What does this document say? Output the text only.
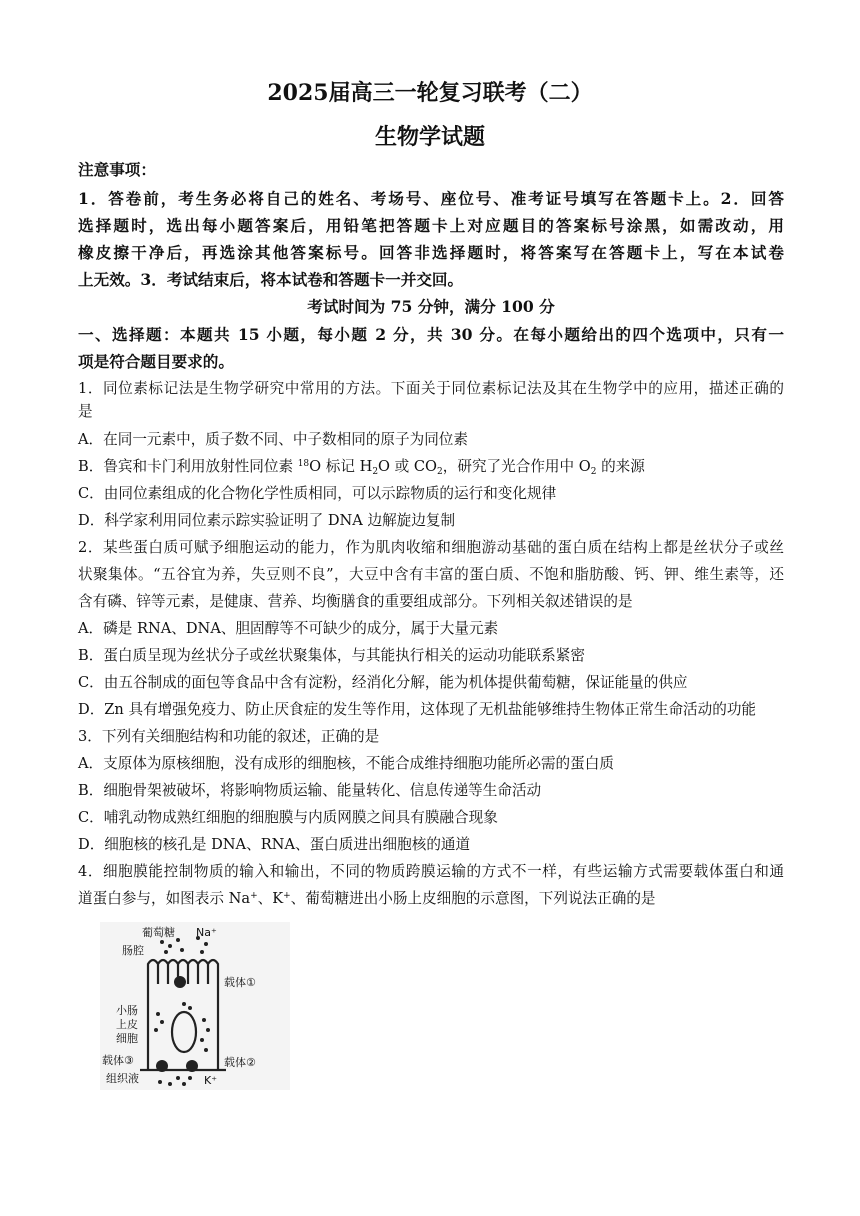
2025届高三一轮复习联考（二）
生物学试题
注意事项：
1．答卷前，考生务必将自己的姓名、考场号、座位号、准考证号填写在答题卡上。2．回答
选择题时，选出每小题答案后，用铅笔把答题卡上对应题目的答案标号涂黑，如需改动，用
橡皮擦干净后，再选涂其他答案标号。回答非选择题时，将答案写在答题卡上，写在本试卷
上无效。3．考试结束后，将本试卷和答题卡一并交回。
考试时间为 75 分钟，满分 100 分
一、选择题：本题共 15 小题，每小题 2 分，共 30 分。在每小题给出的四个选项中，只有一
项是符合题目要求的。
1．同位素标记法是生物学研究中常用的方法。下面关于同位素标记法及其在生物学中的应用，描述正确的
是
A．在同一元素中，质子数不同、中子数相同的原子为同位素
B．鲁宾和卡门利用放射性同位素 $^{18}$O 标记 $H_2O$ 或 $CO_2$，研究了光合作用中 $O_2$ 的来源
C．由同位素组成的化合物化学性质相同，可以示踪物质的运行和变化规律
D．科学家利用同位素示踪实验证明了 DNA 边解旋边复制
2．某些蛋白质可赋予细胞运动的能力，作为肌肉收缩和细胞游动基础的蛋白质在结构上都是丝状分子或丝
状聚集体。“五谷宜为养，失豆则不良”，大豆中含有丰富的蛋白质、不饱和脂肪酸、钙、钾、维生素等，还
含有磷、锌等元素，是健康、营养、均衡膳食的重要组成部分。下列相关叙述错误的是
A．磷是 RNA、DNA、胆固醇等不可缺少的成分，属于大量元素
B．蛋白质呈现为丝状分子或丝状聚集体，与其能执行相关的运动功能联系紧密
C．由五谷制成的面包等食品中含有淀粉，经消化分解，能为机体提供葡萄糖，保证能量的供应
D．Zn 具有增强免疫力、防止厌食症的发生等作用，这体现了无机盐能够维持生物体正常生命活动的功能
3．下列有关细胞结构和功能的叙述，正确的是
A．支原体为原核细胞，没有成形的细胞核，不能合成维持细胞功能所必需的蛋白质
B．细胞骨架被破坏，将影响物质运输、能量转化、信息传递等生命活动
C．哺乳动物成熟红细胞的细胞膜与内质网膜之间具有膜融合现象
D．细胞核的核孔是 DNA、RNA、蛋白质进出细胞核的通道
4．细胞膜能控制物质的输入和输出，不同的物质跨膜运输的方式不一样，有些运输方式需要载体蛋白和通
道蛋白参与，如图表示 Na+、K+、葡萄糖进出小肠上皮细胞的示意图，下列说法正确的是
葡萄糖 Na⁺
肠腔
载体①
小肠
上皮
细胞
载体③	载体②
组织液	K⁺
